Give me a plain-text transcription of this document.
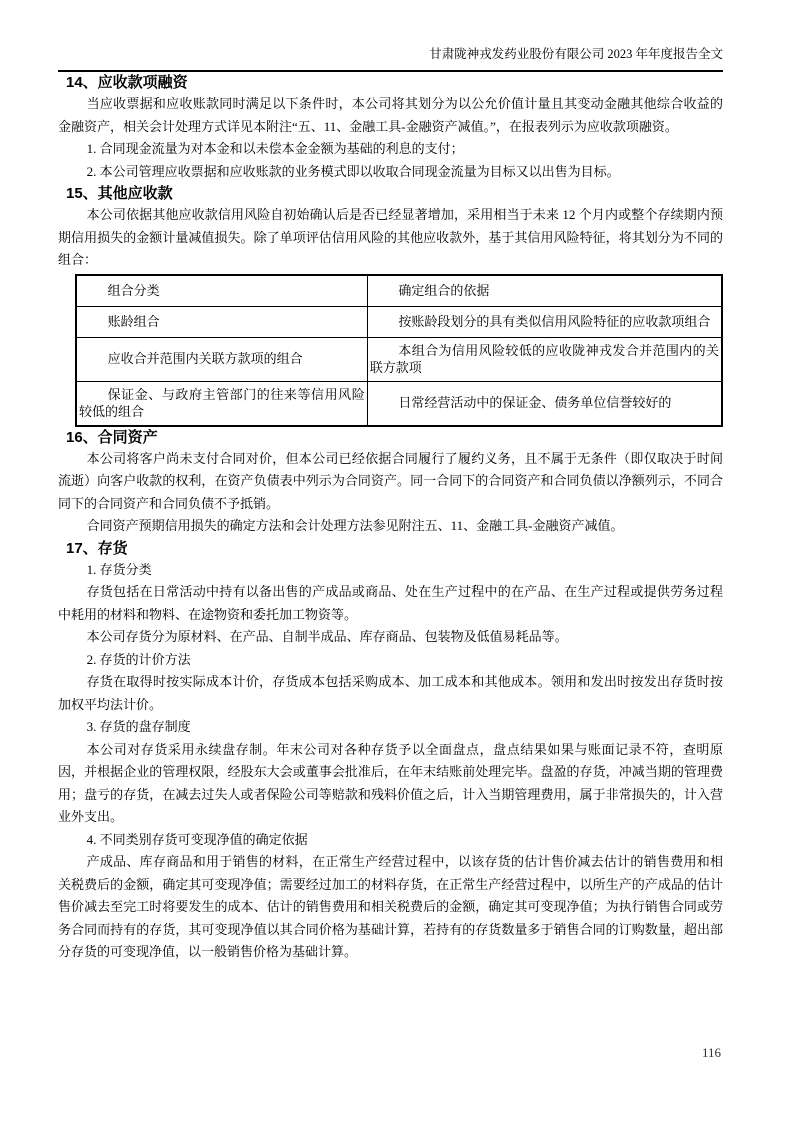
甘肃陇神戎发药业股份有限公司 2023 年年度报告全文
14、应收款项融资

当应收票据和应收账款同时满足以下条件时，本公司将其划分为以公允价值计量且其变动金融其他综合收益的金融资产，相关会计处理方式详见本附注“五、11、金融工具-金融资产减值。”，在报表列示为应收款项融资。

1. 合同现金流量为对本金和以未偿本金金额为基础的利息的支付；

2. 本公司管理应收票据和应收账款的业务模式即以收取合同现金流量为目标又以出售为目标。

15、其他应收款

本公司依据其他应收款信用风险自初始确认后是否已经显著增加，采用相当于未来 12 个月内或整个存续期内预期信用损失的金额计量减值损失。除了单项评估信用风险的其他应收款外，基于其信用风险特征，将其划分为不同的组合：

组合分类	确定组合的依据

账龄组合	按账龄段划分的具有类似信用风险特征的应收款项组合

应收合并范围内关联方款项的组合	本组合为信用风险较低的应收陇神戎发合并范围内的关联方款项

保证金、与政府主管部门的往来等信用风险较低的组合	日常经营活动中的保证金、债务单位信誉较好的
16、合同资产

本公司将客户尚未支付合同对价，但本公司已经依据合同履行了履约义务，且不属于无条件（即仅取决于时间流逝）向客户收款的权利，在资产负债表中列示为合同资产。同一合同下的合同资产和合同负债以净额列示，不同合同下的合同资产和合同负债不予抵销。

合同资产预期信用损失的确定方法和会计处理方法参见附注五、11、金融工具-金融资产减值。

17、存货

1. 存货分类

存货包括在日常活动中持有以备出售的产成品或商品、处在生产过程中的在产品、在生产过程或提供劳务过程中耗用的材料和物料、在途物资和委托加工物资等。

本公司存货分为原材料、在产品、自制半成品、库存商品、包装物及低值易耗品等。

2. 存货的计价方法

存货在取得时按实际成本计价，存货成本包括采购成本、加工成本和其他成本。领用和发出时按发出存货时按加权平均法计价。

3. 存货的盘存制度

本公司对存货采用永续盘存制。年末公司对各种存货予以全面盘点，盘点结果如果与账面记录不符，查明原因，并根据企业的管理权限，经股东大会或董事会批准后，在年末结账前处理完毕。盘盈的存货，冲减当期的管理费用；盘亏的存货，在减去过失人或者保险公司等赔款和残料价值之后，计入当期管理费用，属于非常损失的，计入营业外支出。

4. 不同类别存货可变现净值的确定依据

产成品、库存商品和用于销售的材料，在正常生产经营过程中，以该存货的估计售价减去估计的销售费用和相关税费后的金额，确定其可变现净值；需要经过加工的材料存货，在正常生产经营过程中，以所生产的产成品的估计售价减去至完工时将要发生的成本、估计的销售费用和相关税费后的金额，确定其可变现净值；为执行销售合同或劳务合同而持有的存货，其可变现净值以其合同价格为基础计算，若持有的存货数量多于销售合同的订购数量，超出部分存货的可变现净值，以一般销售价格为基础计算。

116
